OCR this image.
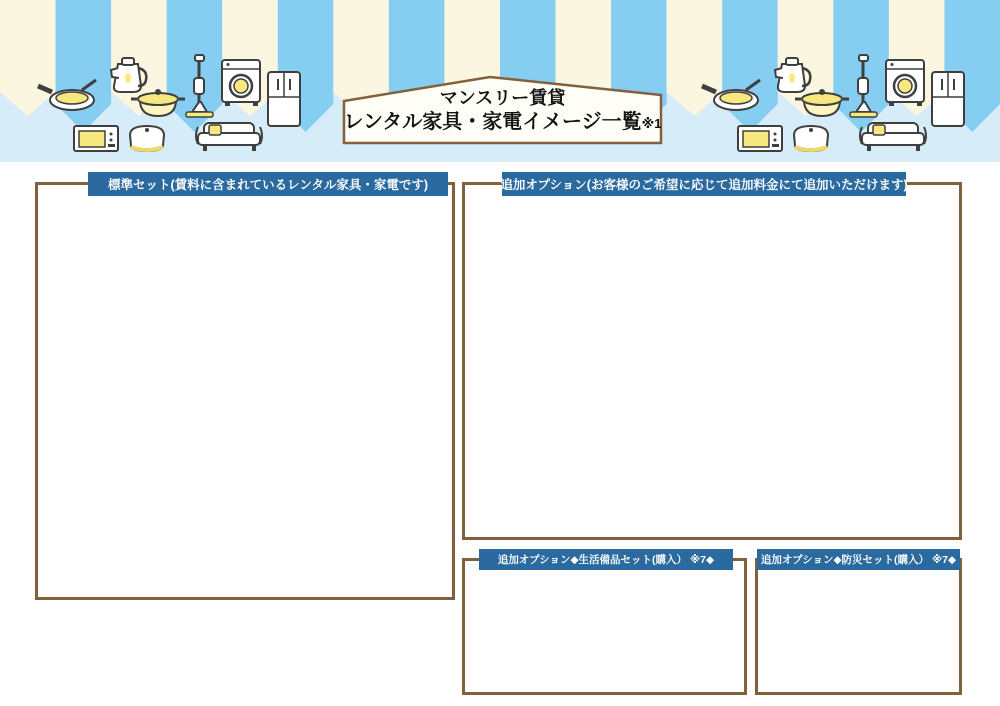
マンスリー賃貸
レンタル家具・家電イメージ一覧※1
標準セット(賃料に含まれているレンタル家具・家電です)	追加オプション(お客様のご希望に応じて追加料金にて追加いただけます)
追加オプション◆生活備品セット(購入） ※7◆	追加オプション◆防災セット(購入） ※7◆
